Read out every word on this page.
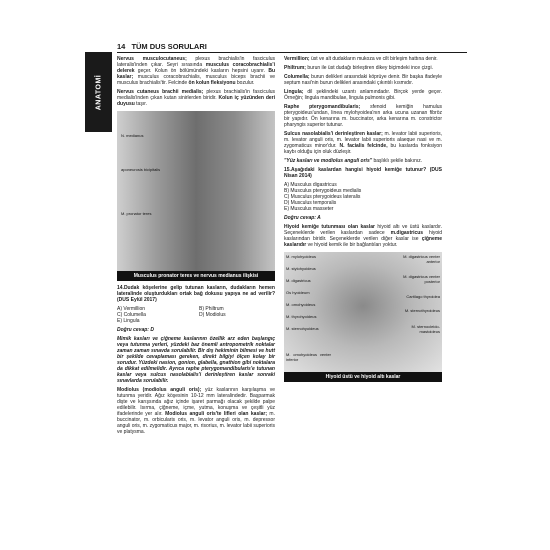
ANATOMİ
14 TÜM DUS SORULARI

Nervus musculocutaneus; plexus brachialis'in fasciculus lateralis'inden çıkar. Seyri sırasında musculus coracobrachialis'i delerek geçer. Kolun ön bölümündeki kasların hepsini uyarır. Bu kaslar; musculus coracobrachialis, musculus biceps brachii ve musculus brachialis'tir. Felcinde ön kolun fleksiyonu bozulur.

Nervus cutaneus brachii medialis; plexus brachialis'in fasciculus medialis'inden çıkan kutan sinirlerden biridir. Kolun iç yüzünden deri duyusu taşır.

N. medianus
aponeurosis bicipitalis
M. pronator teres
Musculus pronator teres ve nervus medianus ilişkisi

14.Dudak köşelerine gelip tutunan kasların, dudakların hemen lateralinde oluşturdukları ortak bağ dokusu yapıya ne ad verilir? (DUS Eylül 2017)

A) Vermillion	B) Philtrum
C) Columella	D) Modiolus
E) Lingula

Doğru cevap: D

Mimik kasları ve çiğneme kaslarının özellik arz eden başlangıç veya tutunma yerleri, yüzdeki baz önemli antropometrik noktalar zaman zaman sınavda sorulabilir. Bir dış hekiminin bilmesi ve hutt bir şekilde cevaplaması gereken, direkt bilgiyi ölçen kolay bir sorudur. Yüzdeki nasion, gonion, glabella, gnathion gibi noktalara da dikkat edilmelidir. Ayrıca raphe pterygomandibularis'e tutunan kaslar veya sulcus nasolabialis'i derinleştiren kaslar sonraki sınavlarda sorulabilir.

Modiolus (modiolus anguli oris); yüz kaslarının karşılaşma ve tutunma yeridir. Ağız köşesinin 10-12 mm lateralindedir. Başparmak dişte ve karışsında ağız içinde işaret parmağı olacak şekilde palpe edilebilir. Isırma, çiğneme, içme, yutma, konuşma ve çeşitli yüz ifadelerinde yer alır. Modiolus anguli oris'te lifleri olan kaslar; m. buccinator, m. orbicularis oris, m. levator anguli oris, m. depressor anguli oris, m. zygomaticus major, m. risorius, m. levator labii superioris ve platysma.

Vermillion; üst ve alt dudakların mukoza ve cilt birleşim hattına denir.

Philtrum; burun ile üst dudağı birleştiren dikey biçimdeki ince çizgi.

Columella; burun delikleri arasındaki köprüye denir. Bir başka ifadeyle septum nasi'nin burun delikleri arasındaki çıkıntılı kısmıdır.

Lingula; dil şeklindeki uzantı anlamındadır. Birçok yerde geçer. Örneğin; lingula mandibulae, lingula pulmonis gibi.

Raphe pterygomandibularis; sfenoid kemiğin hamulus pterygoideus'undan, linea mylohyoidea'nın arka ucuna uzanan fibröz bir yapıdır. Ön kenarına m. buccinator, arka kenarına m. constrictor pharyngis superior tutunur.

Sulcus nasolabialis'i derinleştiren kaslar; m. levator labii superioris, m. levator anguli oris, m. levator labii superioris alaeque nasi ve m. zygomaticus minor'dur. N. facialis felcinde, bu kaslarda fonksiyon kaybı olduğu için oluk düzleşir.

"Yüz kasları ve modiolus anguli oris" başlıklı şekile bakınız.

15.Aşağıdaki kaslardan hangisi hiyoid kemiğe tutunur? (DUS Nisan 2014)

A) Musculus digastricus
B) Musculus pterygoideus medialis
C) Musculus pterygoideus lateralis
D) Musculus temporalis
E) Musculus masseter

Doğru cevap: A

Hiyoid kemiğe tutunması olan kaslar hiyoid altı ve üstü kaslardır. Seçeneklerde verilen kaslardan sadece m.digastricus hiyoid kaslarından biridir. Seçeneklerde verilen diğer kaslar ise çiğneme kaslarıdır ve hiyoid kemik ile bir bağlantıları yoktur.

M. mylohyoideus
M. stylohyoideus
M. digastricus
Os hyoideum
M. omohyoideus
M. thyrohyoideus
M. sternohyoideus
M. omohyoideus venter inferior
M. digastricus venter anterior
M. digastricus venter posterior
Cartilago thyroidea
M. sternothyroideus
M. sternocleido-mastoideus
Hiyoid üstü ve hiyoid altı kaslar
